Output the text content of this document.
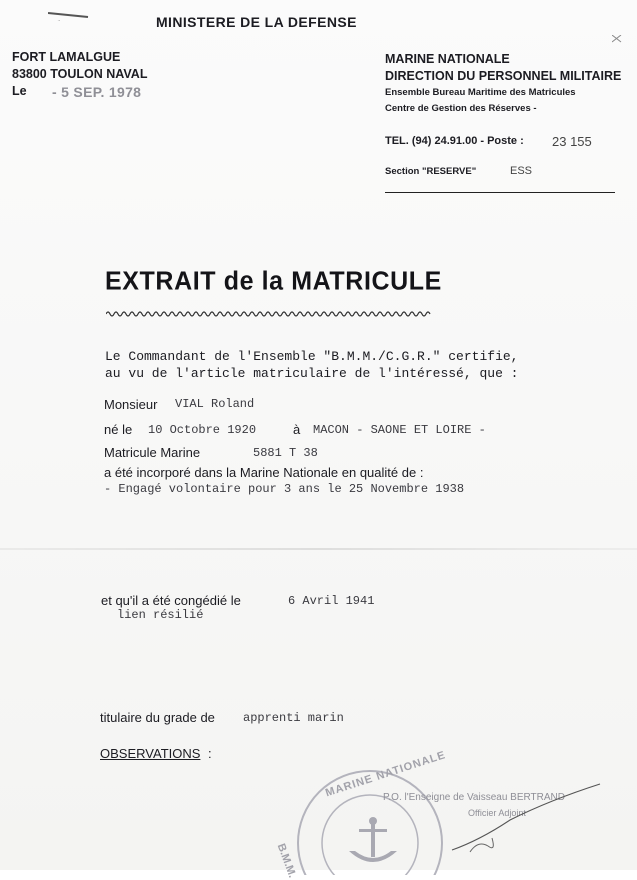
MINISTERE DE LA DEFENSE
FORT LAMALGUE
83800 TOULON NAVAL
Le - 5 SEP. 1978
MARINE NATIONALE
DIRECTION DU PERSONNEL MILITAIRE
Ensemble Bureau Maritime des Matricules
Centre de Gestion des Réserves -
TEL. (94) 24.91.00 - Poste : 23 155
Section "RESERVE"	ESS
EXTRAIT de la MATRICULE
Le Commandant de l'Ensemble "B.M.M./C.G.R." certifie,
au vu de l'article matriculaire de l'intéressé, que :
Monsieur VIAL Roland
né le 10 Octobre 1920	à MACON - SAONE ET LOIRE -
Matricule Marine	5881 T 38
a été incorporé dans la Marine Nationale en qualité de :
- Engagé volontaire pour 3 ans le 25 Novembre 1938
et qu'il a été congédié le	6 Avril 1941
lien résilié
titulaire du grade de apprenti marin
OBSERVATIONS :	MARINE NATIONALE
B.M.M.
P.O. l'Enseigne de Vaisseau BERTRAND
Officier Adjoint
